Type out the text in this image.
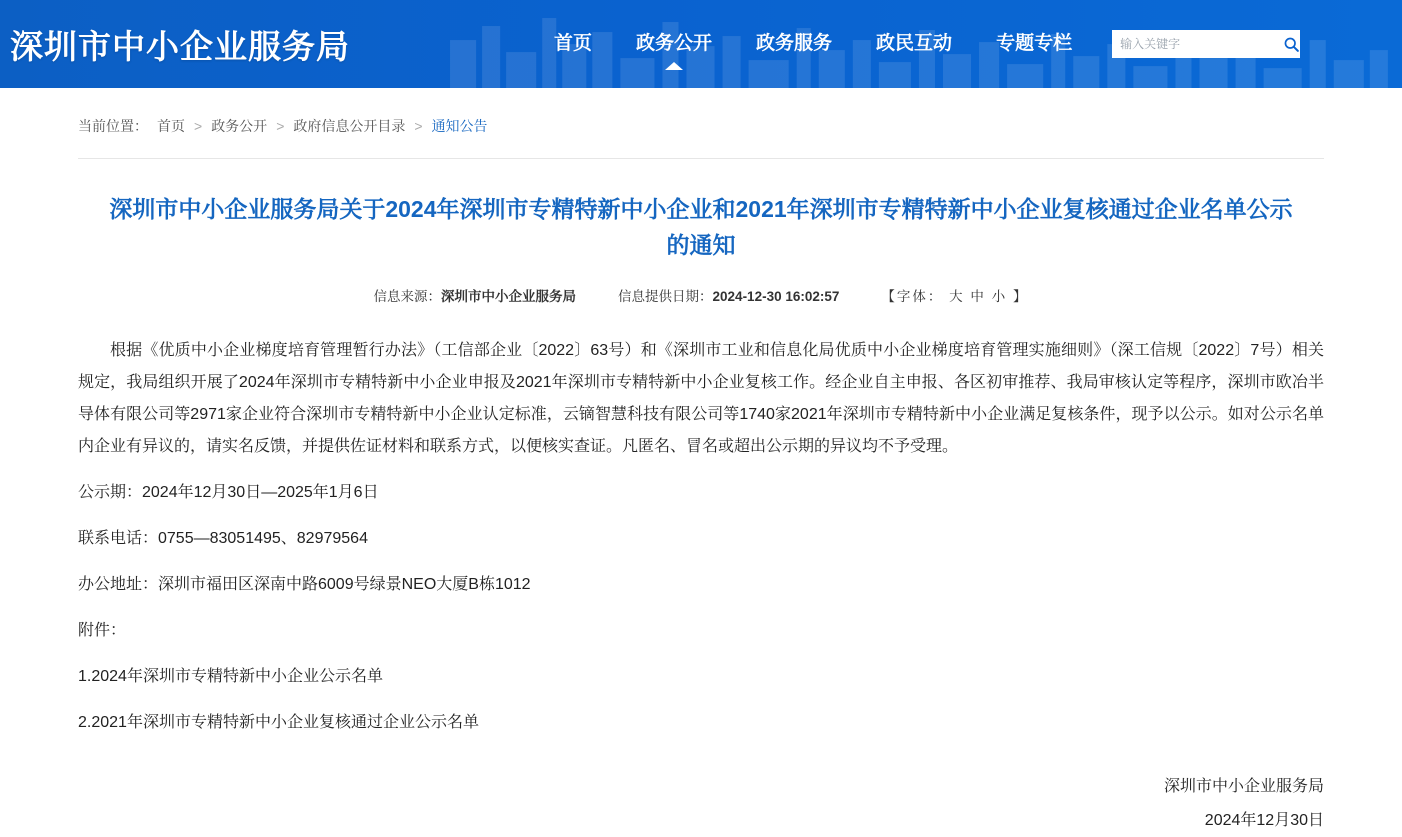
深圳市中小企业服务局	首页	政务公开	政务服务	政民互动	专题专栏
输入关键字
当前位置： 首页 > 政务公开 > 政府信息公开目录 > 通知公告
深圳市中小企业服务局关于2024年深圳市专精特新中小企业和2021年深圳市专精特新中小企业复核通过企业名单公示的通知
信息来源：深圳市中小企业服务局	信息提供日期：2024-12-30 16:02:57	【字体： 大 中 小 】

根据《优质中小企业梯度培育管理暂行办法》（工信部企业〔2022〕63号）和《深圳市工业和信息化局优质中小企业梯度培育管理实施细则》（深工信规〔2022〕7号）相关规定，我局组织开展了2024年深圳市专精特新中小企业申报及2021年深圳市专精特新中小企业复核工作。经企业自主申报、各区初审推荐、我局审核认定等程序，深圳市欧冶半导体有限公司等2971家企业符合深圳市专精特新中小企业认定标准，云镝智慧科技有限公司等1740家2021年深圳市专精特新中小企业满足复核条件，现予以公示。如对公示名单内企业有异议的，请实名反馈，并提供佐证材料和联系方式，以便核实查证。凡匿名、冒名或超出公示期的异议均不予受理。

公示期：2024年12月30日—2025年1月6日

联系电话：0755—83051495、82979564

办公地址：深圳市福田区深南中路6009号绿景NEO大厦B栋1012

附件：

1.2024年深圳市专精特新中小企业公示名单

2.2021年深圳市专精特新中小企业复核通过企业公示名单

深圳市中小企业服务局
2024年12月30日
